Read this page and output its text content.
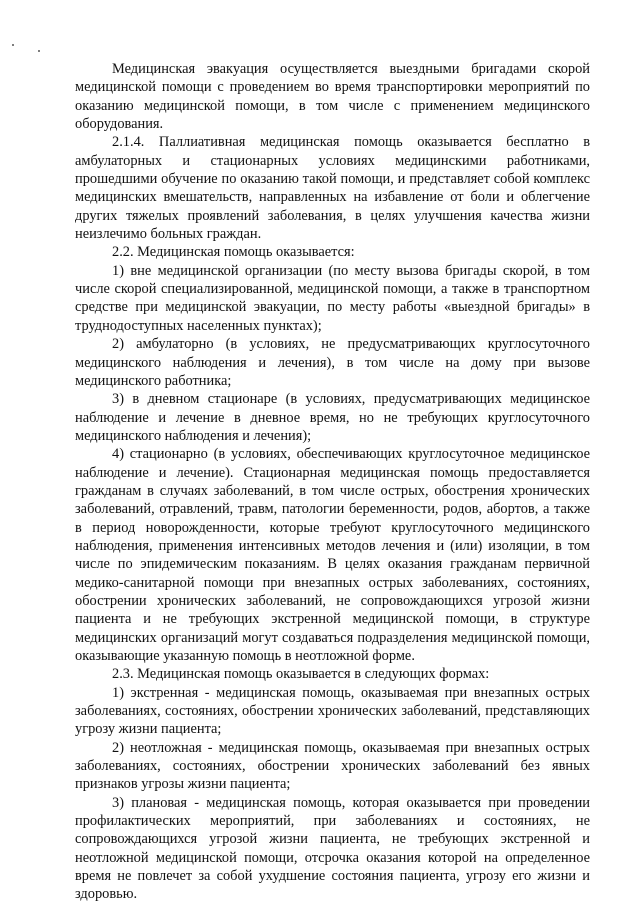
Медицинская эвакуация осуществляется выездными бригадами скорой медицинской помощи с проведением во время транспортировки мероприятий по оказанию медицинской помощи, в том числе с применением медицинского оборудования.

2.1.4. Паллиативная медицинская помощь оказывается бесплатно в амбулаторных и стационарных условиях медицинскими работниками, прошедшими обучение по оказанию такой помощи, и представляет собой комплекс медицинских вмешательств, направленных на избавление от боли и облегчение других тяжелых проявлений заболевания, в целях улучшения качества жизни неизлечимо больных граждан.

2.2. Медицинская помощь оказывается:

1) вне медицинской организации (по месту вызова бригады скорой, в том числе скорой специализированной, медицинской помощи, а также в транспортном средстве при медицинской эвакуации, по месту работы «выездной бригады» в труднодоступных населенных пунктах);

2) амбулаторно (в условиях, не предусматривающих круглосуточного медицинского наблюдения и лечения), в том числе на дому при вызове медицинского работника;

3) в дневном стационаре (в условиях, предусматривающих медицинское наблюдение и лечение в дневное время, но не требующих круглосуточного медицинского наблюдения и лечения);

4) стационарно (в условиях, обеспечивающих круглосуточное медицинское наблюдение и лечение). Стационарная медицинская помощь предоставляется гражданам в случаях заболеваний, в том числе острых, обострения хронических заболеваний, отравлений, травм, патологии беременности, родов, абортов, а также в период новорожденности, которые требуют круглосуточного медицинского наблюдения, применения интенсивных методов лечения и (или) изоляции, в том числе по эпидемическим показаниям. В целях оказания гражданам первичной медико-санитарной помощи при внезапных острых заболеваниях, состояниях, обострении хронических заболеваний, не сопровождающихся угрозой жизни пациента и не требующих экстренной медицинской помощи, в структуре медицинских организаций могут создаваться подразделения медицинской помощи, оказывающие указанную помощь в неотложной форме.

2.3. Медицинская помощь оказывается в следующих формах:

1) экстренная - медицинская помощь, оказываемая при внезапных острых заболеваниях, состояниях, обострении хронических заболеваний, представляющих угрозу жизни пациента;

2) неотложная - медицинская помощь, оказываемая при внезапных острых заболеваниях, состояниях, обострении хронических заболеваний без явных признаков угрозы жизни пациента;

3) плановая - медицинская помощь, которая оказывается при проведении профилактических мероприятий, при заболеваниях и состояниях, не сопровождающихся угрозой жизни пациента, не требующих экстренной и неотложной медицинской помощи, отсрочка оказания которой на определенное время не повлечет за собой ухудшение состояния пациента, угрозу его жизни и здоровью.
